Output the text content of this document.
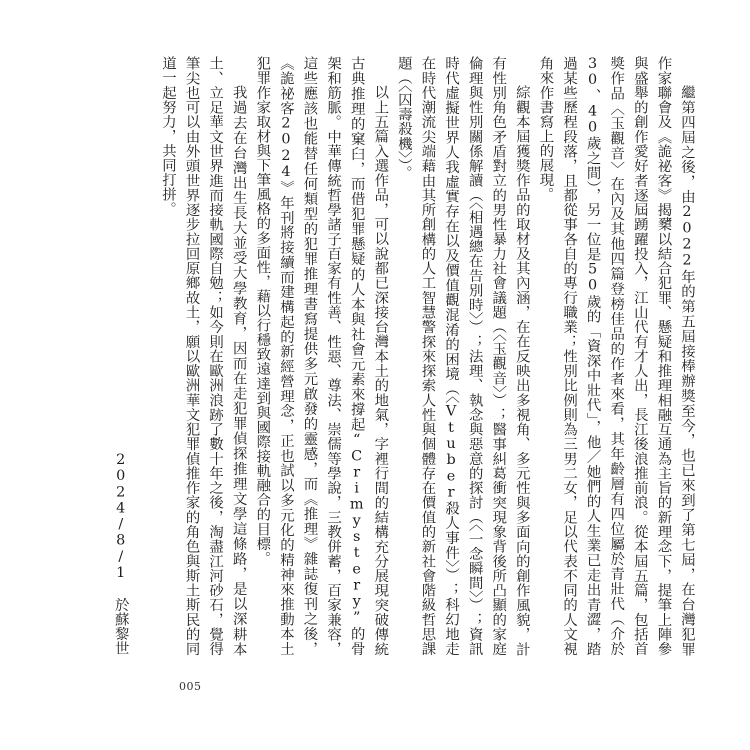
繼第四屆之後，由2022年的第五屆接棒辦獎至今，也已來到了第七屆，在台灣犯罪作家聯會及《詭祕客》揭櫫以結合犯罪、懸疑和推理相融互通為主旨的新理念下，提筆上陣參與盛舉的創作愛好者逐屆踴躍投入，江山代有才人出，長江後浪推前浪。從本屆五篇，包括首獎作品〈玉觀音〉在內及其他四篇登榜佳品的作者來看，其年齡層有四位屬於青壯代（介於30、40歲之間），另一位是50歲的「資深中壯代」，他／她們的人生業已走出青澀，踏過某些歷程段落，且都從事各自的專行職業；性別比例則為三男二女，足以代表不同的人文視角來作書寫上的展現。

綜觀本屆獲獎作品的取材及其內涵，在在反映出多視角、多元性與多面向的創作風貌，計有性別角色矛盾對立的男性暴力社會議題（〈玉觀音〉）；醫事糾葛衝突現象背後所凸顯的家庭倫理與性別關係解讀（〈相遇總在告別時〉）；法理、執念與惡意的探討（〈一念瞬間〉）；資訊時代虛擬世界人我虛實存在以及價值觀混淆的困境（〈Vtuber殺人事件〉）；科幻地走在時代潮流尖端藉由其所創構的人工智慧警探來探索人性與個體存在價值的新社會階級哲思課題（〈囚壽殺機〉）。

以上五篇入選作品，可以說都已深接台灣本土的地氣，字裡行間的結構充分展現突破傳統古典推理的窠臼，而借犯罪懸疑的人本與社會元素來撐起“Crimystery”的骨架和筋脈。中華傳統哲學諸子百家有性善、性惡、尊法、崇儒等學說，三教併蓄，百家兼容，這些應該也能替任何類型的犯罪推理書寫提供多元啟發的靈感，而《推理》雜誌復刊之後，《詭祕客2024》年刊將接續而建構起的新經營理念，正也試以多元化的精神來推動本土犯罪作家取材與下筆風格的多面性，藉以行穩致遠達到與國際接軌融合的目標。

我過去在台灣出生長大並受大學教育，因而在走犯罪偵探推理文學這條路，是以深耕本土、立足華文世界進而接軌國際自勉；如今則在歐洲浪跡了數十年之後，淘盡江河砂石，覺得筆尖也可以由外頭世界逐步拉回原鄉故土，願以歐洲華文犯罪偵推作家的角色與斯土斯民的同道一起努力，共同打拼。

2024/8/1 於蘇黎世

005
